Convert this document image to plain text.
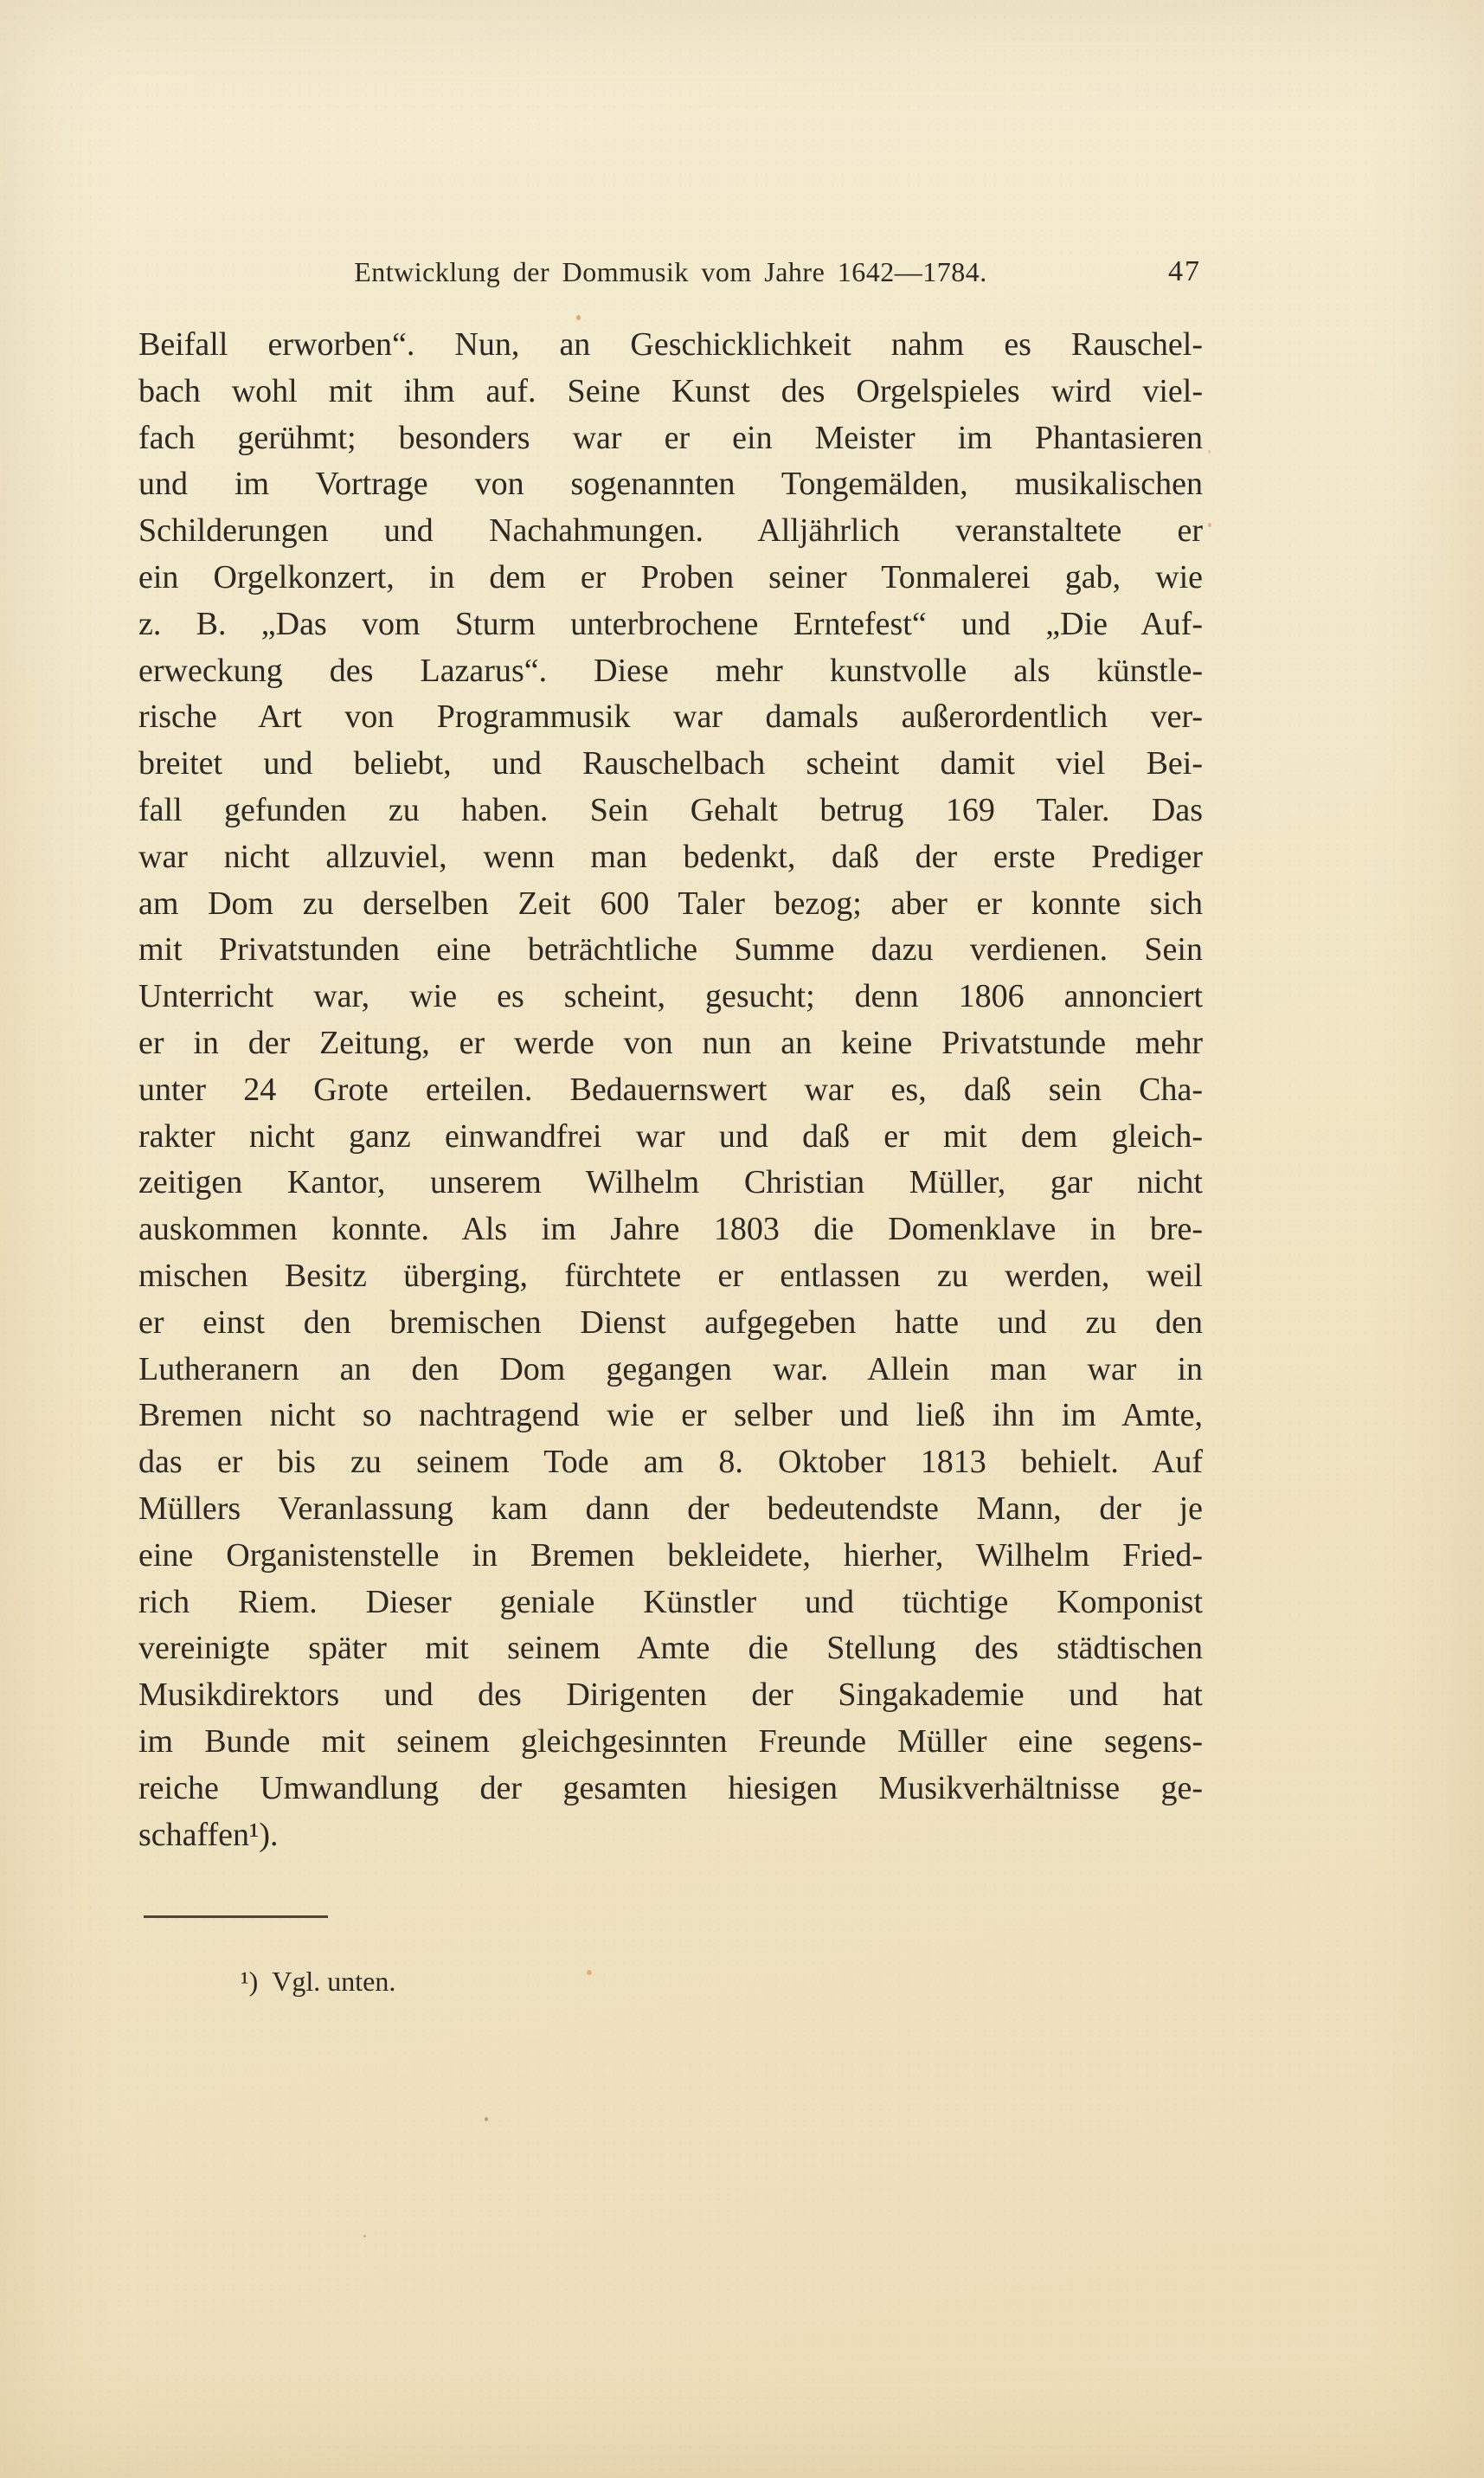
Entwicklung der Dommusik vom Jahre 1642—1784.	47
Beifall erworben“. Nun, an Geschicklichkeit nahm es Rauschel-
bach wohl mit ihm auf. Seine Kunst des Orgelspieles wird viel-
fach gerühmt; besonders war er ein Meister im Phantasieren
und im Vortrage von sogenannten Tongemälden, musikalischen
Schilderungen und Nachahmungen. Alljährlich veranstaltete er
ein Orgelkonzert, in dem er Proben seiner Tonmalerei gab, wie
z. B. „Das vom Sturm unterbrochene Erntefest“ und „Die Auf-
erweckung des Lazarus“. Diese mehr kunstvolle als künstle-
rische Art von Programmusik war damals außerordentlich ver-
breitet und beliebt, und Rauschelbach scheint damit viel Bei-
fall gefunden zu haben. Sein Gehalt betrug 169 Taler. Das
war nicht allzuviel, wenn man bedenkt, daß der erste Prediger
am Dom zu derselben Zeit 600 Taler bezog; aber er konnte sich
mit Privatstunden eine beträchtliche Summe dazu verdienen. Sein
Unterricht war, wie es scheint, gesucht; denn 1806 annonciert
er in der Zeitung, er werde von nun an keine Privatstunde mehr
unter 24 Grote erteilen. Bedauernswert war es, daß sein Cha-
rakter nicht ganz einwandfrei war und daß er mit dem gleich-
zeitigen Kantor, unserem Wilhelm Christian Müller, gar nicht
auskommen konnte. Als im Jahre 1803 die Domenklave in bre-
mischen Besitz überging, fürchtete er entlassen zu werden, weil
er einst den bremischen Dienst aufgegeben hatte und zu den
Lutheranern an den Dom gegangen war. Allein man war in
Bremen nicht so nachtragend wie er selber und ließ ihn im Amte,
das er bis zu seinem Tode am 8. Oktober 1813 behielt. Auf
Müllers Veranlassung kam dann der bedeutendste Mann, der je
eine Organistenstelle in Bremen bekleidete, hierher, Wilhelm Fried-
rich Riem. Dieser geniale Künstler und tüchtige Komponist
vereinigte später mit seinem Amte die Stellung des städtischen
Musikdirektors und des Dirigenten der Singakademie und hat
im Bunde mit seinem gleichgesinnten Freunde Müller eine segens-
reiche Umwandlung der gesamten hiesigen Musikverhältnisse ge-
schaffen¹).
¹) Vgl. unten.
